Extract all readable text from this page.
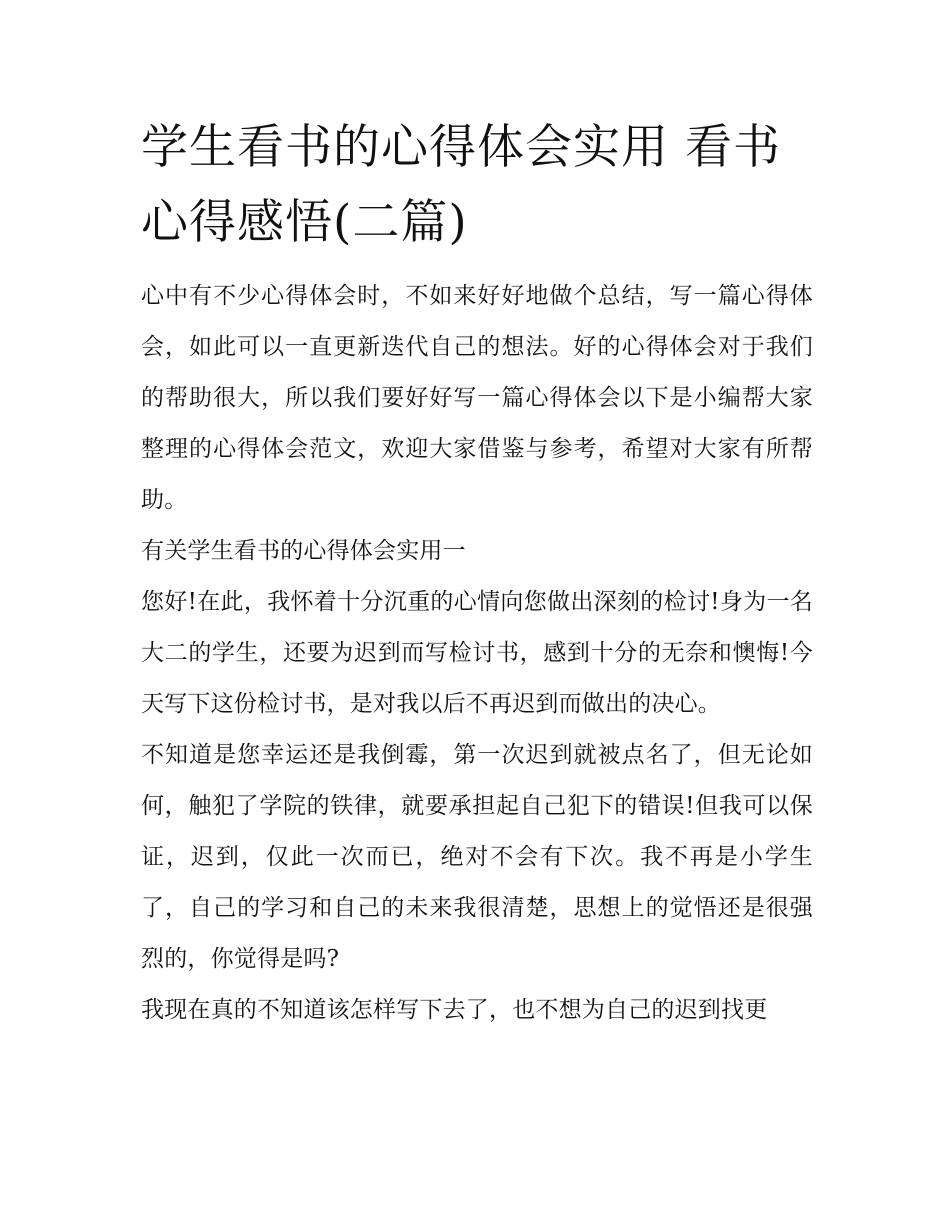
学生看书的心得体会实用 看书心得感悟(二篇)

心中有不少心得体会时，不如来好好地做个总结，写一篇心得体会，如此可以一直更新迭代自己的想法。好的心得体会对于我们的帮助很大，所以我们要好好写一篇心得体会以下是小编帮大家整理的心得体会范文，欢迎大家借鉴与参考，希望对大家有所帮助。

有关学生看书的心得体会实用一

您好!在此，我怀着十分沉重的心情向您做出深刻的检讨!身为一名大二的学生，还要为迟到而写检讨书，感到十分的无奈和懊悔!今天写下这份检讨书，是对我以后不再迟到而做出的决心。

不知道是您幸运还是我倒霉，第一次迟到就被点名了，但无论如何，触犯了学院的铁律，就要承担起自己犯下的错误!但我可以保证，迟到，仅此一次而已，绝对不会有下次。我不再是小学生了，自己的学习和自己的未来我很清楚，思想上的觉悟还是很强烈的，你觉得是吗?

我现在真的不知道该怎样写下去了，也不想为自己的迟到找更
